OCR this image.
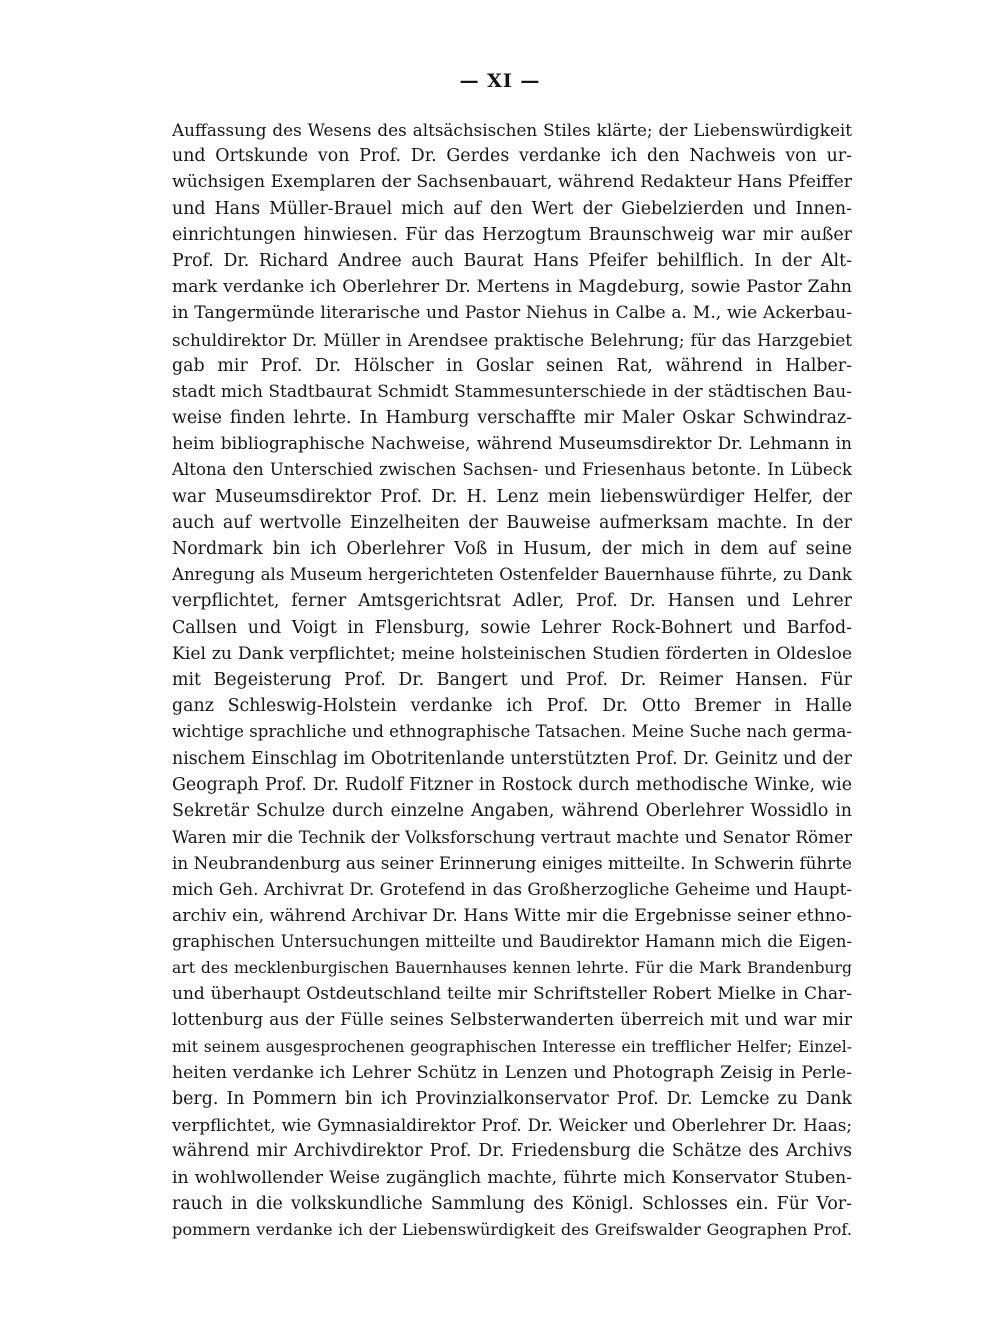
— XI —
Auffassung des Wesens des altsächsischen Stiles klärte; der Liebenswürdigkeit
und Ortskunde von Prof. Dr. Gerdes verdanke ich den Nachweis von ur-
wüchsigen Exemplaren der Sachsenbauart, während Redakteur Hans Pfeiffer
und Hans Müller-Brauel mich auf den Wert der Giebelzierden und Innen-
einrichtungen hinwiesen. Für das Herzogtum Braunschweig war mir außer
Prof. Dr. Richard Andree auch Baurat Hans Pfeifer behilflich. In der Alt-
mark verdanke ich Oberlehrer Dr. Mertens in Magdeburg, sowie Pastor Zahn
in Tangermünde literarische und Pastor Niehus in Calbe a. M., wie Ackerbau-
schuldirektor Dr. Müller in Arendsee praktische Belehrung; für das Harzgebiet
gab mir Prof. Dr. Hölscher in Goslar seinen Rat, während in Halber-
stadt mich Stadtbaurat Schmidt Stammesunterschiede in der städtischen Bau-
weise finden lehrte. In Hamburg verschaffte mir Maler Oskar Schwindraz-
heim bibliographische Nachweise, während Museumsdirektor Dr. Lehmann in
Altona den Unterschied zwischen Sachsen- und Friesenhaus betonte. In Lübeck
war Museumsdirektor Prof. Dr. H. Lenz mein liebenswürdiger Helfer, der
auch auf wertvolle Einzelheiten der Bauweise aufmerksam machte. In der
Nordmark bin ich Oberlehrer Voß in Husum, der mich in dem auf seine
Anregung als Museum hergerichteten Ostenfelder Bauernhause führte, zu Dank
verpflichtet, ferner Amtsgerichtsrat Adler, Prof. Dr. Hansen und Lehrer
Callsen und Voigt in Flensburg, sowie Lehrer Rock-Bohnert und Barfod-
Kiel zu Dank verpflichtet; meine holsteinischen Studien förderten in Oldesloe
mit Begeisterung Prof. Dr. Bangert und Prof. Dr. Reimer Hansen. Für
ganz Schleswig-Holstein verdanke ich Prof. Dr. Otto Bremer in Halle
wichtige sprachliche und ethnographische Tatsachen. Meine Suche nach germa-
nischem Einschlag im Obotritenlande unterstützten Prof. Dr. Geinitz und der
Geograph Prof. Dr. Rudolf Fitzner in Rostock durch methodische Winke, wie
Sekretär Schulze durch einzelne Angaben, während Oberlehrer Wossidlo in
Waren mir die Technik der Volksforschung vertraut machte und Senator Römer
in Neubrandenburg aus seiner Erinnerung einiges mitteilte. In Schwerin führte
mich Geh. Archivrat Dr. Grotefend in das Großherzogliche Geheime und Haupt-
archiv ein, während Archivar Dr. Hans Witte mir die Ergebnisse seiner ethno-
graphischen Untersuchungen mitteilte und Baudirektor Hamann mich die Eigen-
art des mecklenburgischen Bauernhauses kennen lehrte. Für die Mark Brandenburg
und überhaupt Ostdeutschland teilte mir Schriftsteller Robert Mielke in Char-
lottenburg aus der Fülle seines Selbsterwanderten überreich mit und war mir
mit seinem ausgesprochenen geographischen Interesse ein trefflicher Helfer; Einzel-
heiten verdanke ich Lehrer Schütz in Lenzen und Photograph Zeisig in Perle-
berg. In Pommern bin ich Provinzialkonservator Prof. Dr. Lemcke zu Dank
verpflichtet, wie Gymnasialdirektor Prof. Dr. Weicker und Oberlehrer Dr. Haas;
während mir Archivdirektor Prof. Dr. Friedensburg die Schätze des Archivs
in wohlwollender Weise zugänglich machte, führte mich Konservator Stuben-
rauch in die volkskundliche Sammlung des Königl. Schlosses ein. Für Vor-
pommern verdanke ich der Liebenswürdigkeit des Greifswalder Geographen Prof.
